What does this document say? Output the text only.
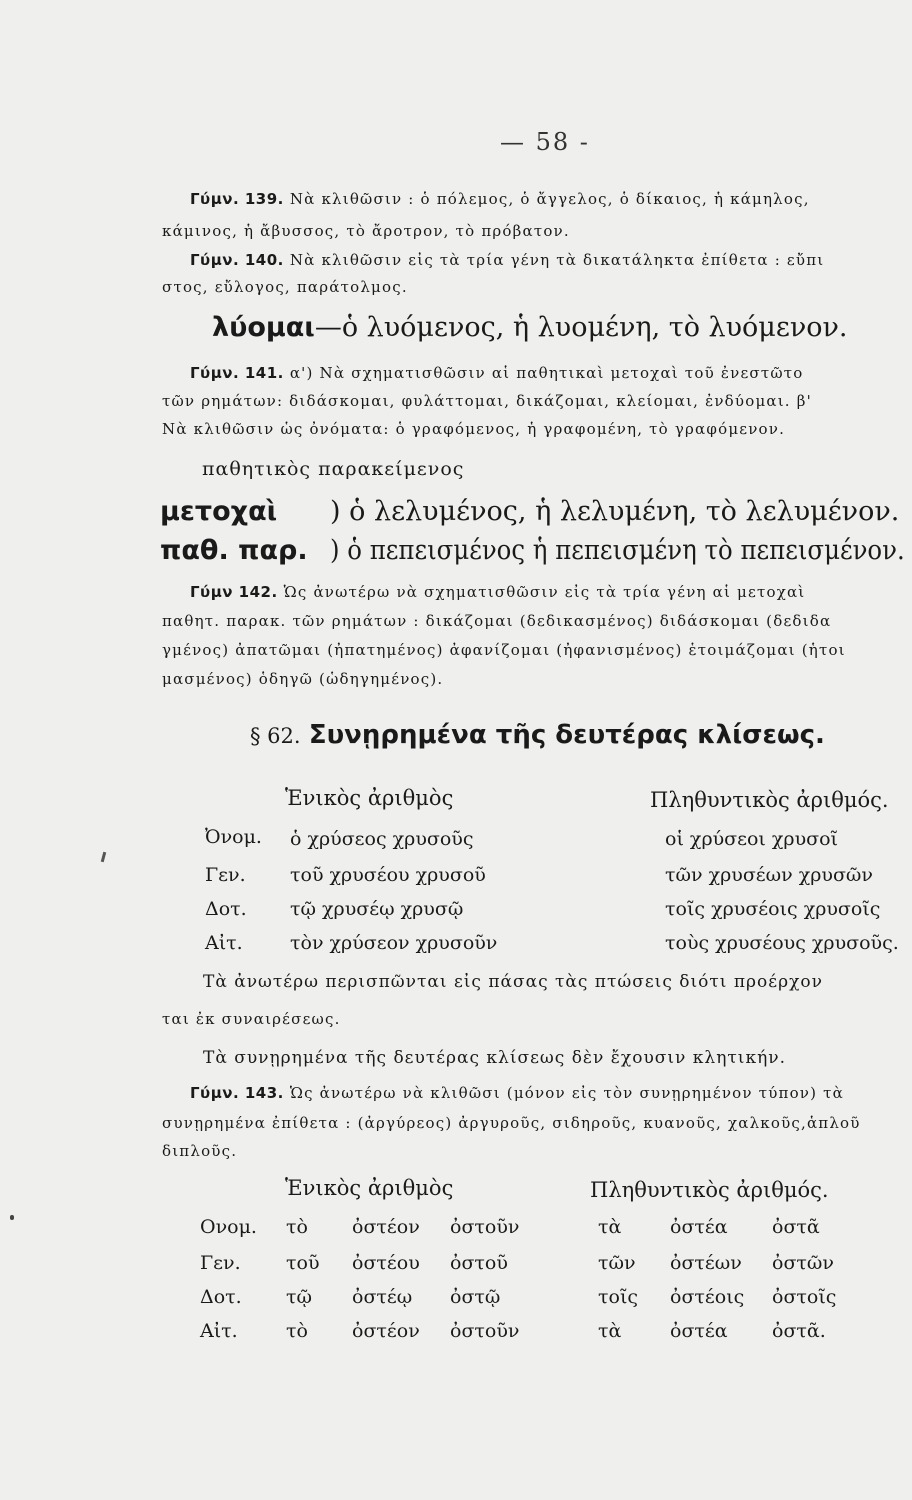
— 58 -
Γύμν. 139. Νὰ κλιθῶσιν : ὁ πόλεμος, ὁ ἄγγελος, ὁ δίκαιος, ἡ κάμηλος,
κάμινος, ἡ ἄβυσσος, τὸ ἄροτρον, τὸ πρόβατον.
Γύμν. 140. Νὰ κλιθῶσιν εἰς τὰ τρία γένη τὰ δικατάληκτα ἐπίθετα : εὔπι
στος, εὔλογος, παράτολμος.
λύομαι—ὁ λυόμενος, ἡ λυομένη, τὸ λυόμενον.
Γύμν. 141. α') Νὰ σχηματισθῶσιν αἱ παθητικαὶ μετοχαὶ τοῦ ἐνεστῶτο
τῶν ρημάτων: διδάσκομαι, φυλάττομαι, δικάζομαι, κλείομαι, ἐνδύομαι. β'
Νὰ κλιθῶσιν ὡς ὀνόματα: ὁ γραφόμενος, ἡ γραφομένη, τὸ γραφόμενον.
παθητικὸς παρακείμενος
μετοχαὶ ) ὁ λελυμένος, ἡ λελυμένη, τὸ λελυμένον.
παθ. παρ. ) ὁ πεπεισμένος ἡ πεπεισμένη τὸ πεπεισμένον.
Γύμν 142. Ὡς ἀνωτέρω νὰ σχηματισθῶσιν εἰς τὰ τρία γένη αἱ μετοχαὶ
παθητ. παρακ. τῶν ρημάτων : δικάζομαι (δεδικασμένος) διδάσκομαι (δεδιδα
γμένος) ἀπατῶμαι (ἠπατημένος) ἀφανίζομαι (ἠφανισμένος) ἑτοιμάζομαι (ἡτοι
μασμένος) ὁδηγῶ (ὡδηγημένος).
§ 62. Συνῃρημένα τῆς δευτέρας κλίσεως.
Ἑνικὸς ἀριθμὸς	Πληθυντικὸς ἀριθμός.
Ὀνομ. ὁ χρύσεος χρυσοῦς	οἱ χρύσεοι χρυσοῖ
Γεν. τοῦ χρυσέου χρυσοῦ	τῶν χρυσέων χρυσῶν
Δοτ. τῷ χρυσέῳ χρυσῷ	τοῖς χρυσέοις χρυσοῖς
Αἰτ. τὸν χρύσεον χρυσοῦν	τοὺς χρυσέους χρυσοῦς.
Τὰ ἀνωτέρω περισπῶνται εἰς πάσας τὰς πτώσεις διότι προέρχον
ται ἐκ συναιρέσεως.
Τὰ συνῃρημένα τῆς δευτέρας κλίσεως δὲν ἔχουσιν κλητικήν.
Γύμν. 143. Ὡς ἀνωτέρω νὰ κλιθῶσι (μόνον εἰς τὸν συνῃρημένον τύπον) τὰ
συνῃρημένα ἐπίθετα : (ἀργύρεος) ἀργυροῦς, σιδηροῦς, κυανοῦς, χαλκοῦς,ἁπλοῦ
διπλοῦς.
Ἑνικὸς ἀριθμὸς	Πληθυντικὸς ἀριθμός.
Ονομ. τὸ ὀστέον ὀστοῦν	τὰ	ὀστέα ὀστᾶ
Γεν. τοῦ ὀστέου ὀστοῦ	τῶν ὀστέων ὀστῶν
Δοτ. τῷ ὀστέῳ ὀστῷ	τοῖς ὀστέοις ὀστοῖς
Αἰτ.	τὸ ὀστέον ὀστοῦν	τὰ	ὀστέα ὀστᾶ.
